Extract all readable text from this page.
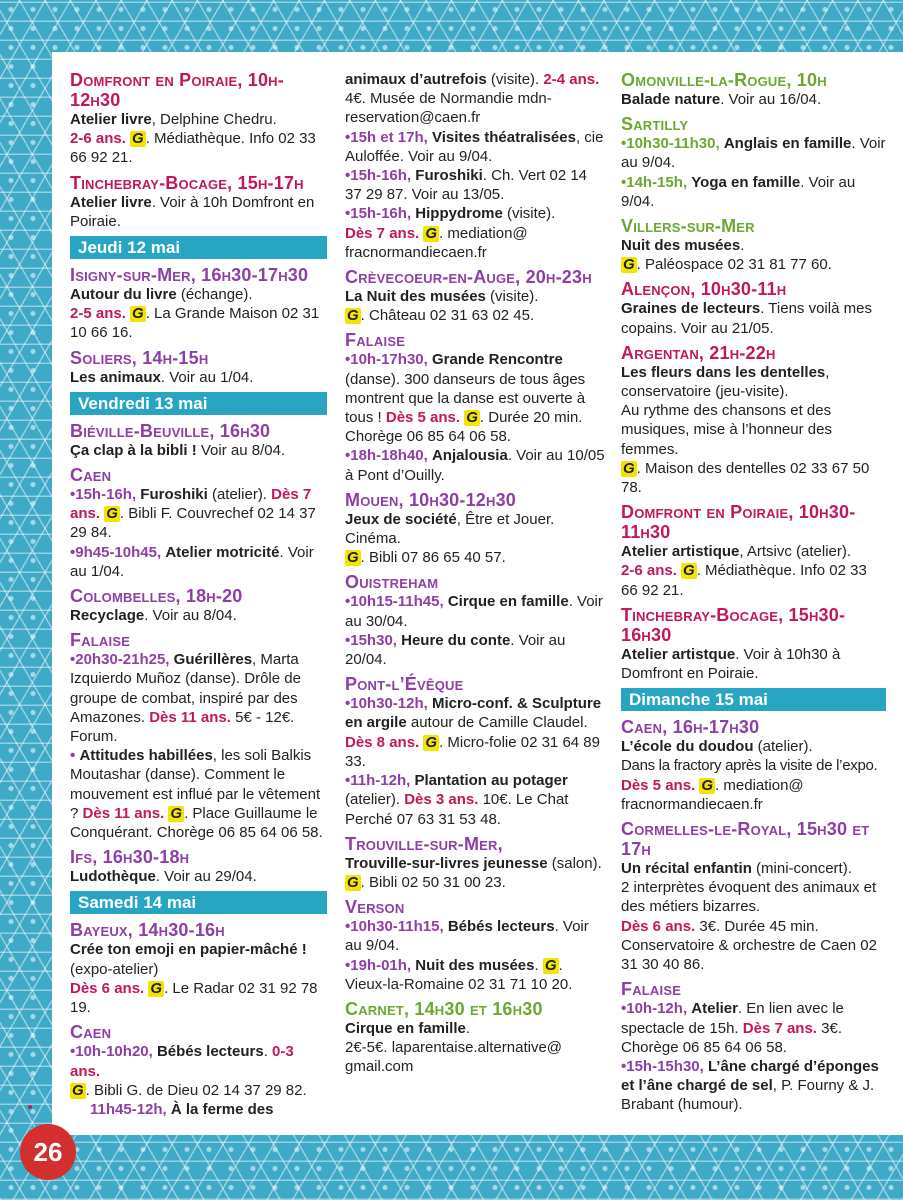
Domfront en Poiraie, 10h-12h30
Atelier livre, Delphine Chedru.
2-6 ans. G . Médiathèque. Info 02 33 66 92 21.
Tinchebray-Bocage, 15h-17h
Atelier livre. Voir à 10h Domfront en Poiraie.
Jeudi 12 mai
Isigny-sur-Mer, 16h30-17h30
Autour du livre (échange).
2-5 ans. G . La Grande Maison 02 31 10 66 16.
Soliers, 14h-15h
Les animaux. Voir au 1/04.
Vendredi 13 mai
Biéville-Beuville, 16h30
Ça clap à la bibli ! Voir au 8/04.
Caen
•15h-16h, Furoshiki (atelier). Dès 7 ans. G . Bibli F. Couvrechef 02 14 37 29 84.
•9h45-10h45, Atelier motricité. Voir au 1/04.
Colombelles, 18h-20
Recyclage. Voir au 8/04.
Falaise
•20h30-21h25, Guérillères, Marta Izquierdo Muñoz (danse). Drôle de groupe de combat, inspiré par des Amazones. Dès 11 ans. 5€ - 12€. Forum.
• Attitudes habillées, les soli Balkis Moutashar (danse). Comment le mouvement est influé par le vêtement ? Dès 11 ans. G . Place Guillaume le Conquérant. Chorège 06 85 64 06 58.
Ifs, 16h30-18h
Ludothèque. Voir au 29/04.
Samedi 14 mai
Bayeux, 14h30-16h
Crée ton emoji en papier-mâché ! (expo-atelier)
Dès 6 ans. G . Le Radar 02 31 92 78 19.
Caen
•10h-10h20, Bébés lecteurs. 0-3 ans.
G . Bibli G. de Dieu 02 14 37 29 82.
11h45-12h, À la ferme des
animaux d’autrefois (visite). 2-4 ans. 4€. Musée de Normandie mdn-reservation@caen.fr
•15h et 17h, Visites théatralisées, cie Auloffée. Voir au 9/04.
•15h-16h, Furoshiki. Ch. Vert 02 14 37 29 87. Voir au 13/05.
•15h-16h, Hippydrome (visite).
Dès 7 ans. G . mediation@ fracnormandiecaen.fr
Crèvecoeur-en-Auge, 20h-23h
La Nuit des musées (visite).
G . Château 02 31 63 02 45.
Falaise
•10h-17h30, Grande Rencontre (danse). 300 danseurs de tous âges montrent que la danse est ouverte à tous ! Dès 5 ans. G . Durée 20 min. Chorège 06 85 64 06 58.
•18h-18h40, Anjalousia. Voir au 10/05 à Pont d’Ouilly.
Mouen, 10h30-12h30
Jeux de société, Être et Jouer. Cinéma.
G . Bibli 07 86 65 40 57.
Ouistreham
•10h15-11h45, Cirque en famille. Voir au 30/04.
•15h30, Heure du conte. Voir au 20/04.
Pont-l’Évêque
•10h30-12h, Micro-conf. & Sculpture en argile autour de Camille Claudel. Dès 8 ans. G . Micro-folie 02 31 64 89 33.
•11h-12h, Plantation au potager (atelier). Dès 3 ans. 10€. Le Chat Perché 07 63 31 53 48.
Trouville-sur-Mer,
Trouville-sur-livres jeunesse (salon).
G . Bibli 02 50 31 00 23.
Verson
•10h30-11h15, Bébés lecteurs. Voir au 9/04.
•19h-01h, Nuit des musées. G . Vieux-la-Romaine 02 31 71 10 20.
Carnet, 14h30 et 16h30
Cirque en famille.
2€-5€. laparentaise.alternative@ gmail.com
Omonville-la-Rogue, 10h
Balade nature. Voir au 16/04.
Sartilly
•10h30-11h30, Anglais en famille. Voir au 9/04.
•14h-15h, Yoga en famille. Voir au 9/04.
Villers-sur-Mer
Nuit des musées.
G . Paléospace 02 31 81 77 60.
Alençon, 10h30-11h
Graines de lecteurs. Tiens voilà mes copains. Voir au 21/05.
Argentan, 21h-22h
Les fleurs dans les dentelles, conservatoire (jeu-visite).
Au rythme des chansons et des musiques, mise à l’honneur des femmes.
G . Maison des dentelles 02 33 67 50 78.
Domfront en Poiraie, 10h30-11h30
Atelier artistique, Artsivc (atelier).
2-6 ans. G . Médiathèque. Info 02 33 66 92 21.
Tinchebray-Bocage, 15h30-16h30
Atelier artistque. Voir à 10h30 à Domfront en Poiraie.
Dimanche 15 mai
Caen, 16h-17h30
L’école du doudou (atelier).
Dans la fractory après la visite de l’expo.
Dès 5 ans. G . mediation@ fracnormandiecaen.fr
Cormelles-le-Royal, 15h30 et 17h
Un récital enfantin (mini-concert).
2 interprètes évoquent des animaux et des métiers bizarres.
Dès 6 ans. 3€. Durée 45 min. Conservatoire & orchestre de Caen 02 31 30 40 86.
Falaise
•10h-12h, Atelier. En lien avec le spectacle de 15h. Dès 7 ans. 3€. Chorège 06 85 64 06 58.
•15h-15h30, L’âne chargé d’éponges et l’âne chargé de sel, P. Fourny & J. Brabant (humour).
26
